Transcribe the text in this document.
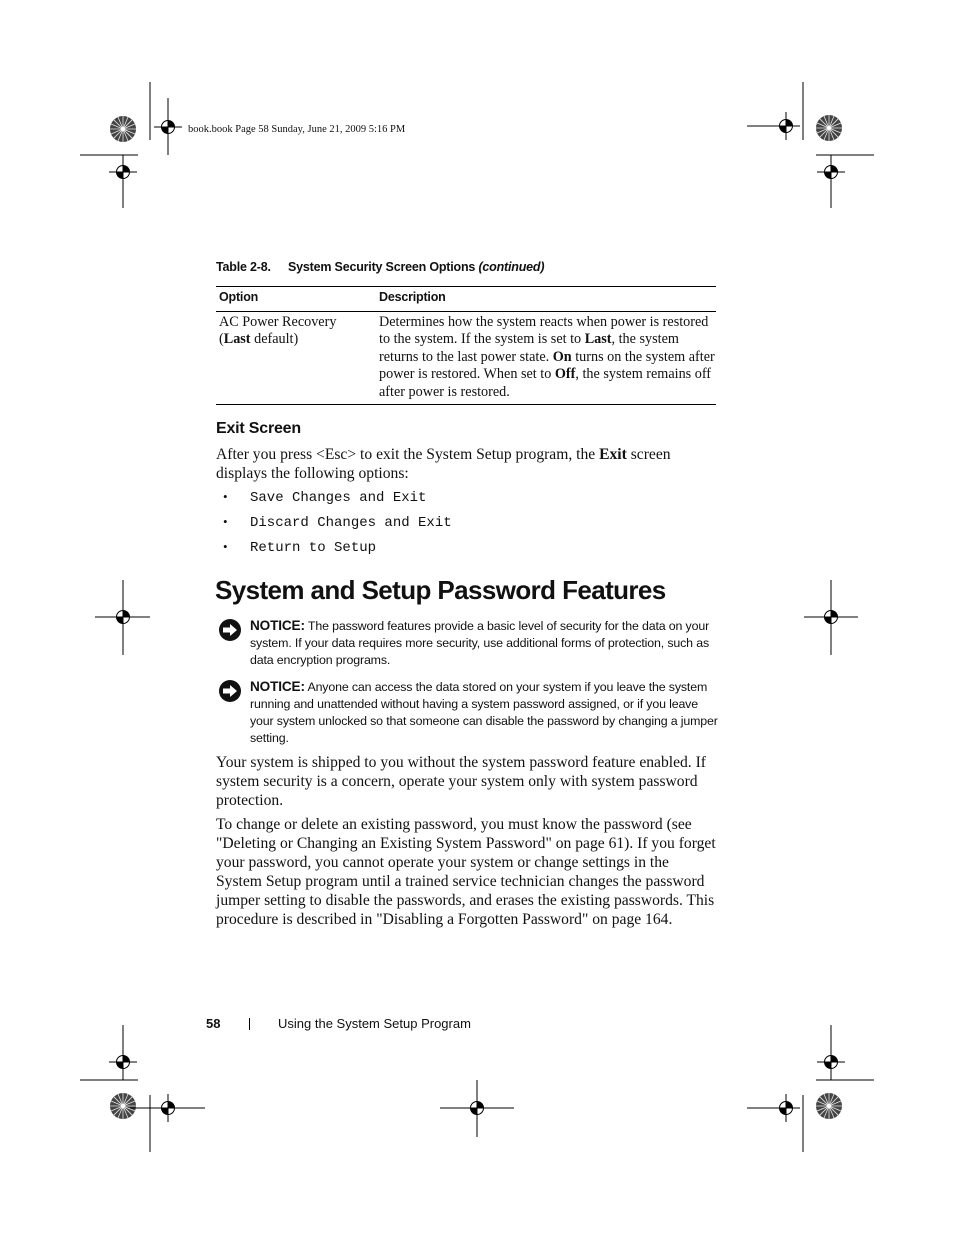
book.book Page 58 Sunday, June 21, 2009 5:16 PM
Table 2-8. System Security Screen Options (continued)
Option	Description
AC Power Recovery
(Last default)
Determines how the system reacts when power is restored to the system. If the system is set to Last, the system returns to the last power state. On turns on the system after power is restored. When set to Off, the system remains off after power is restored.
Exit Screen
After you press <Esc> to exit the System Setup program, the Exit screen displays the following options:
• Save Changes and Exit
• Discard Changes and Exit
• Return to Setup
System and Setup Password Features
NOTICE: The password features provide a basic level of security for the data on your system. If your data requires more security, use additional forms of protection, such as data encryption programs.
NOTICE: Anyone can access the data stored on your system if you leave the system running and unattended without having a system password assigned, or if you leave your system unlocked so that someone can disable the password by changing a jumper setting.
Your system is shipped to you without the system password feature enabled. If system security is a concern, operate your system only with system password protection.
To change or delete an existing password, you must know the password (see "Deleting or Changing an Existing System Password" on page 61). If you forget your password, you cannot operate your system or change settings in the System Setup program until a trained service technician changes the password jumper setting to disable the passwords, and erases the existing passwords. This procedure is described in "Disabling a Forgotten Password" on page 164.
58	Using the System Setup Program
